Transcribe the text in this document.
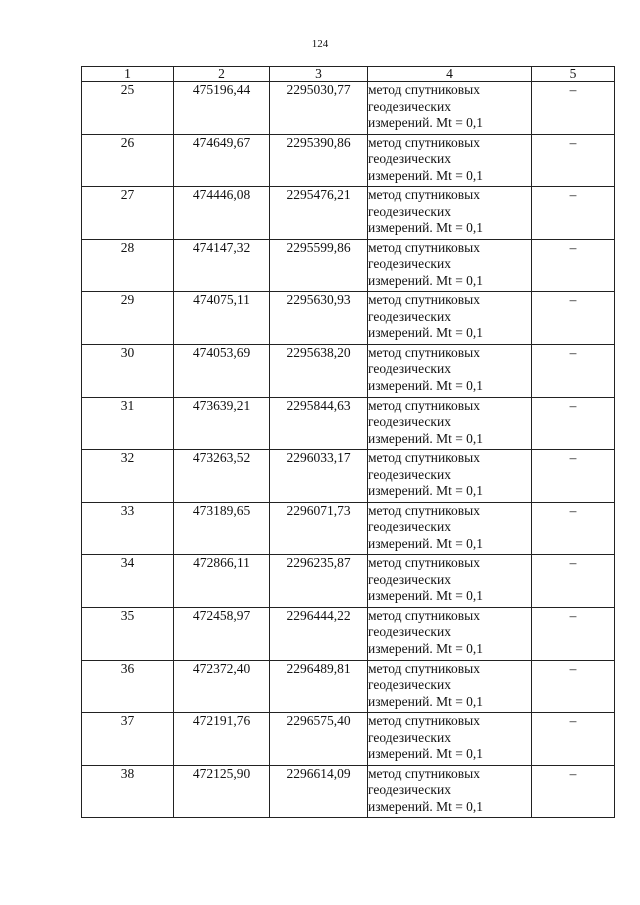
124
1	2	3	4	5
25	475196,44	2295030,77	метод спутниковых
геодезических
измерений. Mt = 0,1	–
26	474649,67	2295390,86	метод спутниковых
геодезических
измерений. Mt = 0,1	–
27	474446,08	2295476,21	метод спутниковых
геодезических
измерений. Mt = 0,1	–
28	474147,32	2295599,86	метод спутниковых
геодезических
измерений. Mt = 0,1	–
29	474075,11	2295630,93	метод спутниковых
геодезических
измерений. Mt = 0,1	–
30	474053,69	2295638,20	метод спутниковых
геодезических
измерений. Mt = 0,1	–
31	473639,21	2295844,63	метод спутниковых
геодезических
измерений. Mt = 0,1	–
32	473263,52	2296033,17	метод спутниковых
геодезических
измерений. Mt = 0,1	–
33	473189,65	2296071,73	метод спутниковых
геодезических
измерений. Mt = 0,1	–
34	472866,11	2296235,87	метод спутниковых
геодезических
измерений. Mt = 0,1	–
35	472458,97	2296444,22	метод спутниковых
геодезических
измерений. Mt = 0,1	–
36	472372,40	2296489,81	метод спутниковых
геодезических
измерений. Mt = 0,1	–
37	472191,76	2296575,40	метод спутниковых
геодезических
измерений. Mt = 0,1	–
38	472125,90	2296614,09	метод спутниковых
геодезических
измерений. Mt = 0,1	–
